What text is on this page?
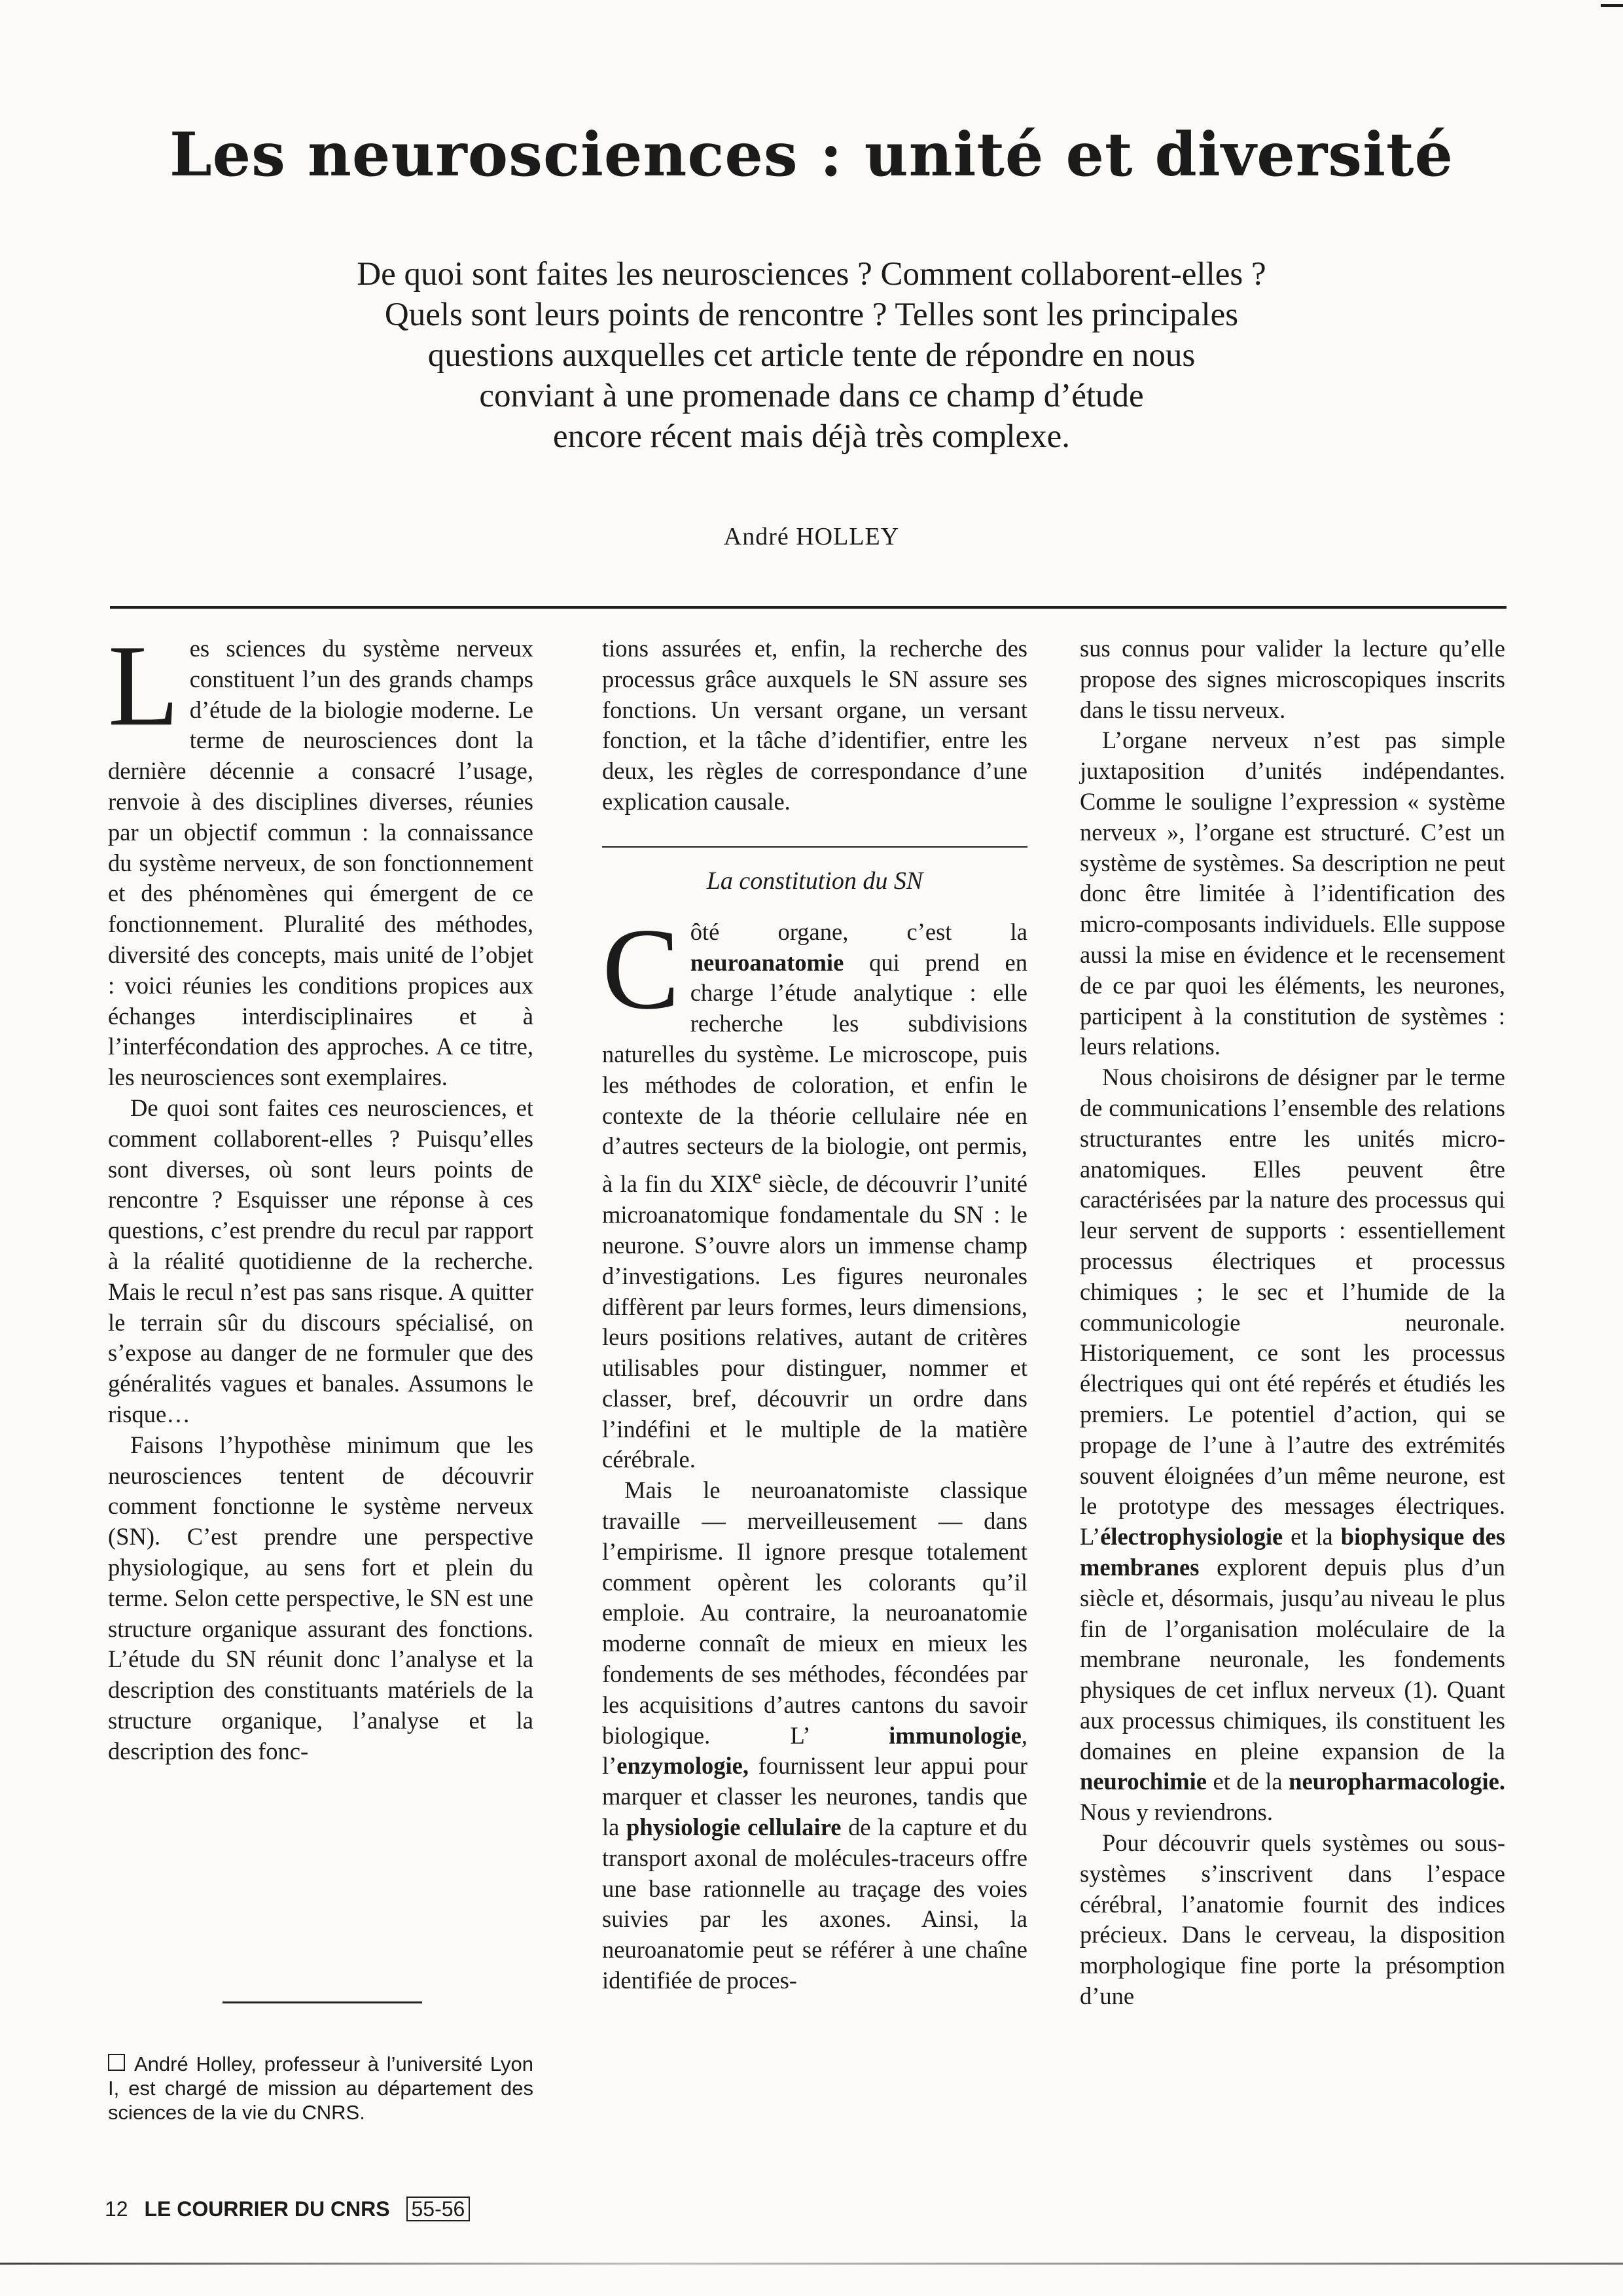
Les neurosciences : unité et diversité

De quoi sont faites les neurosciences ? Comment collaborent-elles ?
Quels sont leurs points de rencontre ? Telles sont les principales
questions auxquelles cet article tente de répondre en nous
conviant à une promenade dans ce champ d’étude
encore récent mais déjà très complexe.

André HOLLEY

Les sciences du système nerveux constituent l’un des grands champs d’étude de la biologie moderne. Le terme de neurosciences dont la dernière décennie a consacré l’usage, renvoie à des disciplines diverses, réunies par un objectif commun : la connaissance du système nerveux, de son fonctionnement et des phénomènes qui émergent de ce fonctionnement. Pluralité des méthodes, diversité des concepts, mais unité de l’objet : voici réunies les conditions propices aux échanges interdisciplinaires et à l’interfécondation des approches. A ce titre, les neurosciences sont exemplaires.

De quoi sont faites ces neurosciences, et comment collaborent-elles ? Puisqu’elles sont diverses, où sont leurs points de rencontre ? Esquisser une réponse à ces questions, c’est prendre du recul par rapport à la réalité quotidienne de la recherche. Mais le recul n’est pas sans risque. A quitter le terrain sûr du discours spécialisé, on s’expose au danger de ne formuler que des généralités vagues et banales. Assumons le risque…

Faisons l’hypothèse minimum que les neurosciences tentent de découvrir comment fonctionne le système nerveux (SN). C’est prendre une perspective physiologique, au sens fort et plein du terme. Selon cette perspective, le SN est une structure organique assurant des fonctions. L’étude du SN réunit donc l’analyse et la description des constituants matériels de la structure organique, l’analyse et la description des fonc-

tions assurées et, enfin, la recherche des processus grâce auxquels le SN assure ses fonctions. Un versant organe, un versant fonction, et la tâche d’identifier, entre les deux, les règles de correspondance d’une explication causale.

La constitution du SN

Côté organe, c’est la neuroanatomie qui prend en charge l’étude analytique : elle recherche les subdivisions naturelles du système. Le microscope, puis les méthodes de coloration, et enfin le contexte de la théorie cellulaire née en d’autres secteurs de la biologie, ont permis, à la fin du XIXe siècle, de découvrir l’unité microanatomique fondamentale du SN : le neurone. S’ouvre alors un immense champ d’investigations. Les figures neuronales diffèrent par leurs formes, leurs dimensions, leurs positions relatives, autant de critères utilisables pour distinguer, nommer et classer, bref, découvrir un ordre dans l’indéfini et le multiple de la matière cérébrale.

Mais le neuroanatomiste classique travaille — merveilleusement — dans l’empirisme. Il ignore presque totalement comment opèrent les colorants qu’il emploie. Au contraire, la neuroanatomie moderne connaît de mieux en mieux les fondements de ses méthodes, fécondées par les acquisitions d’autres cantons du savoir biologique. L’ immunologie, l’enzymologie, fournissent leur appui pour marquer et classer les neurones, tandis que la physiologie cellulaire de la capture et du transport axonal de molécules-traceurs offre une base rationnelle au traçage des voies suivies par les axones. Ainsi, la neuroanatomie peut se référer à une chaîne identifiée de proces-

sus connus pour valider la lecture qu’elle propose des signes microscopiques inscrits dans le tissu nerveux.

L’organe nerveux n’est pas simple juxtaposition d’unités indépendantes. Comme le souligne l’expression « système nerveux », l’organe est structuré. C’est un système de systèmes. Sa description ne peut donc être limitée à l’identification des micro-composants individuels. Elle suppose aussi la mise en évidence et le recensement de ce par quoi les éléments, les neurones, participent à la constitution de systèmes : leurs relations.

Nous choisirons de désigner par le terme de communications l’ensemble des relations structurantes entre les unités micro-anatomiques. Elles peuvent être caractérisées par la nature des processus qui leur servent de supports : essentiellement processus électriques et processus chimiques ; le sec et l’humide de la communicologie neuronale. Historiquement, ce sont les processus électriques qui ont été repérés et étudiés les premiers. Le potentiel d’action, qui se propage de l’une à l’autre des extrémités souvent éloignées d’un même neurone, est le prototype des messages électriques. L’électrophysiologie et la biophysique des membranes explorent depuis plus d’un siècle et, désormais, jusqu’au niveau le plus fin de l’organisation moléculaire de la membrane neuronale, les fondements physiques de cet influx nerveux (1). Quant aux processus chimiques, ils constituent les domaines en pleine expansion de la neurochimie et de la neuropharmacologie. Nous y reviendrons.

Pour découvrir quels systèmes ou sous-systèmes s’inscrivent dans l’espace cérébral, l’anatomie fournit des indices précieux. Dans le cerveau, la disposition morphologique fine porte la présomption d’une

André Holley, professeur à l’université Lyon I, est chargé de mission au département des sciences de la vie du CNRS.
12 LE COURRIER DU CNRS 55-56
